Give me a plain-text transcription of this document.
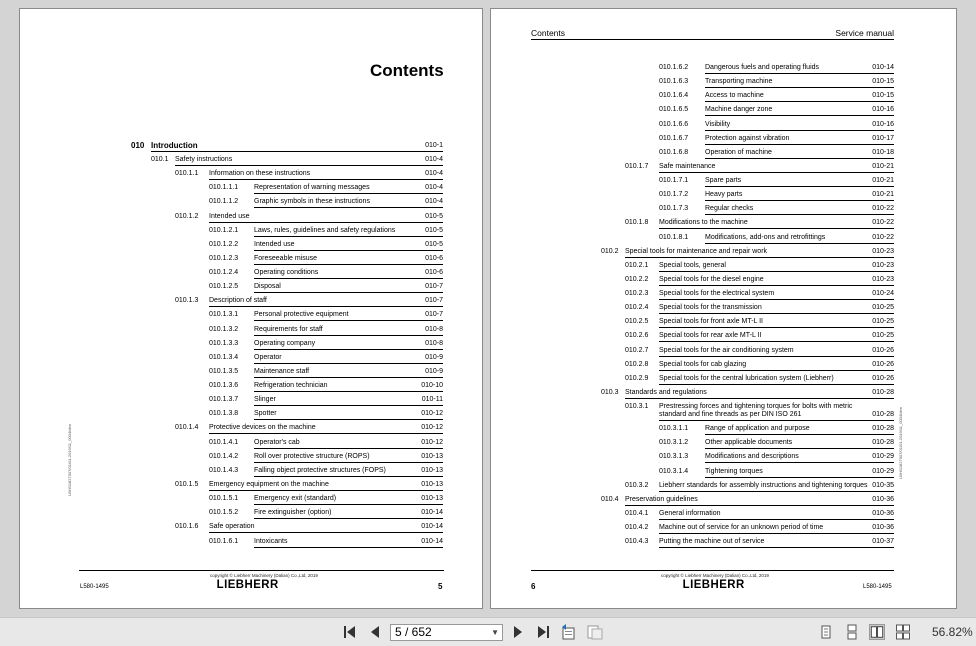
Contents
010.1 Safety instructions	010-4
010.1.1 Information on these instructions	010-4
010.1.1.1 Representation of warning messages	010-4
010.1.1.2 Graphic symbols in these instructions	010-4
010.1.2 Intended use	010-5
010.1.2.1 Laws, rules, guidelines and safety regulations	010-5
010.1.2.2 Intended use	010-5
010.1.2.3 Foreseeable misuse	010-6
010.1.2.4 Operating conditions	010-6
010.1.2.5 Disposal	010-7
010.1.3 Description of staff	010-7
010.1.3.1 Personal protective equipment	010-7
010.1.3.2 Requirements for staff	010-8
010.1.3.3 Operating company	010-8
010.1.3.4 Operator	010-9
010.1.3.5 Maintenance staff	010-9
010.1.3.6 Refrigeration technician	010-10
010.1.3.7 Slinger	010-11
010.1.3.8 Spotter	010-12
010.1.4 Protective devices on the machine	010-12
010.1.4.1 Operator's cab	010-12
010.1.4.2 Roll over protective structure (ROPS)	010-13
010.1.4.3 Falling object protective structures (FOPS)	010-13
010.1.5 Emergency equipment on the machine	010-13
010.1.5.1 Emergency exit (standard)	010-13
010.1.5.2 Fire extinguisher (option)	010-14
010.1.6 Safe operation	010-14
010.1.6.1 Intoxicants	010-14
LBH/11827007/01/01-2019/11_0004/den
copyright © Liebherr Machinery (Dalian) Co.,Ltd, 2019
LIEBHERR
L580-1495	5
010 Introduction	010-1
Contents	Service manual
010.1.6.2 Dangerous fuels and operating fluids	010-14
010.1.6.3 Transporting machine	010-15
010.1.6.4 Access to machine	010-15
010.1.6.5 Machine danger zone	010-16
010.1.6.6 Visibility	010-16
010.1.6.7 Protection against vibration	010-17
010.1.6.8 Operation of machine	010-18
010.1.7 Safe maintenance	010-21
010.1.7.1 Spare parts	010-21
010.1.7.2 Heavy parts	010-21
010.1.7.3 Regular checks	010-22
010.1.8 Modifications to the machine	010-22
010.1.8.1 Modifications, add-ons and retrofittings	010-22
010.2 Special tools for maintenance and repair work	010-23
010.2.1 Special tools, general	010-23
010.2.2 Special tools for the diesel engine	010-23
010.2.3 Special tools for the electrical system	010-24
010.2.4 Special tools for the transmission	010-25
010.2.5 Special tools for front axle MT-L II	010-25
010.2.6 Special tools for rear axle MT-L II	010-25
010.2.7 Special tools for the air conditioning system	010-26
010.2.8 Special tools for cab glazing	010-26
010.2.9 Special tools for the central lubrication system (Liebherr)	010-26
010.3 Standards and regulations	010-28
010.3.1 Prestressing forces and tightening torques for bolts with metric
standard and fine threads as per DIN ISO 261	010-28
010.3.1.1 Range of application and purpose	010-28
010.3.1.2 Other applicable documents	010-28
010.3.1.3 Modifications and descriptions	010-29
010.3.1.4 Tightening torques	010-29
010.3.2 Liebherr standards for assembly instructions and tightening torques 010-35
010.4 Preservation guidelines	010-36
010.4.1 General information	010-36
010.4.2 Machine out of service for an unknown period of time	010-36
010.4.3 Putting the machine out of service	010-37
LBH/11827007/01/01-2019/11_0004/den
copyright © Liebherr Machinery (Dalian) Co.,Ltd, 2019
LIEBHERR
6	L580-1495
5 / 652	▼	56.82%
